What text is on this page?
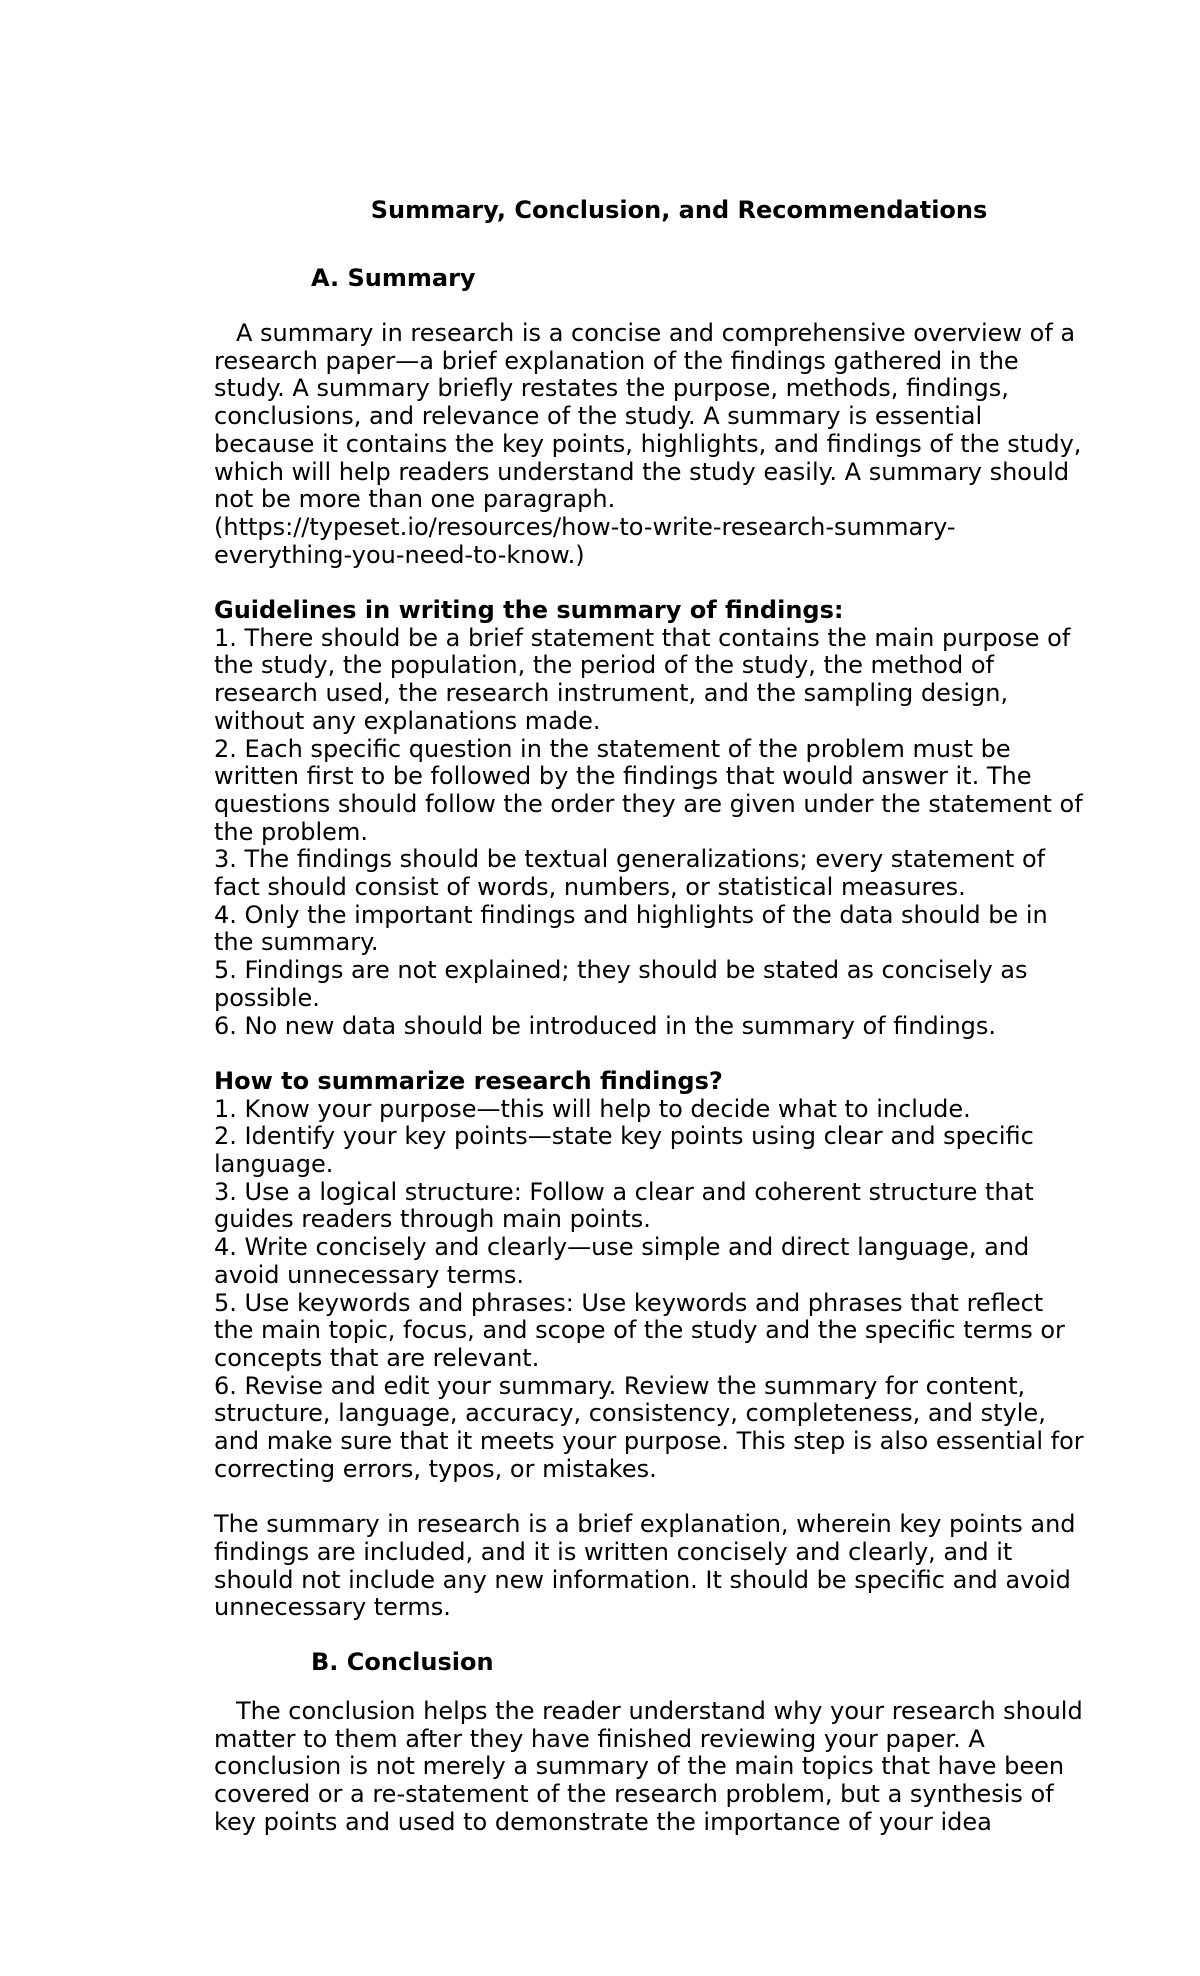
Summary, Conclusion, and Recommendations
A. Summary

A summary in research is a concise and comprehensive overview of a research paper—a brief explanation of the findings gathered in the study. A summary briefly restates the purpose, methods, findings, conclusions, and relevance of the study. A summary is essential because it contains the key points, highlights, and findings of the study, which will help readers understand the study easily. A summary should not be more than one paragraph.

(https://typeset.io/resources/how-to-write-research-summary-everything-you-need-to-know.)

Guidelines in writing the summary of findings:

1. There should be a brief statement that contains the main purpose of the study, the population, the period of the study, the method of research used, the research instrument, and the sampling design, without any explanations made.

2. Each specific question in the statement of the problem must be written first to be followed by the findings that would answer it. The questions should follow the order they are given under the statement of the problem.

3. The findings should be textual generalizations; every statement of fact should consist of words, numbers, or statistical measures.

4. Only the important findings and highlights of the data should be in the summary.

5. Findings are not explained; they should be stated as concisely as possible.

6. No new data should be introduced in the summary of findings.

How to summarize research findings?

1. Know your purpose—this will help to decide what to include.

2. Identify your key points—state key points using clear and specific language.

3. Use a logical structure: Follow a clear and coherent structure that guides readers through main points.

4. Write concisely and clearly—use simple and direct language, and avoid unnecessary terms.

5. Use keywords and phrases: Use keywords and phrases that reflect the main topic, focus, and scope of the study and the specific terms or concepts that are relevant.

6. Revise and edit your summary. Review the summary for content, structure, language, accuracy, consistency, completeness, and style, and make sure that it meets your purpose. This step is also essential for correcting errors, typos, or mistakes.

The summary in research is a brief explanation, wherein key points and findings are included, and it is written concisely and clearly, and it should not include any new information. It should be specific and avoid unnecessary terms.

B. Conclusion

The conclusion helps the reader understand why your research should matter to them after they have finished reviewing your paper. A conclusion is not merely a summary of the main topics that have been covered or a re-statement of the research problem, but a synthesis of key points and used to demonstrate the importance of your idea
